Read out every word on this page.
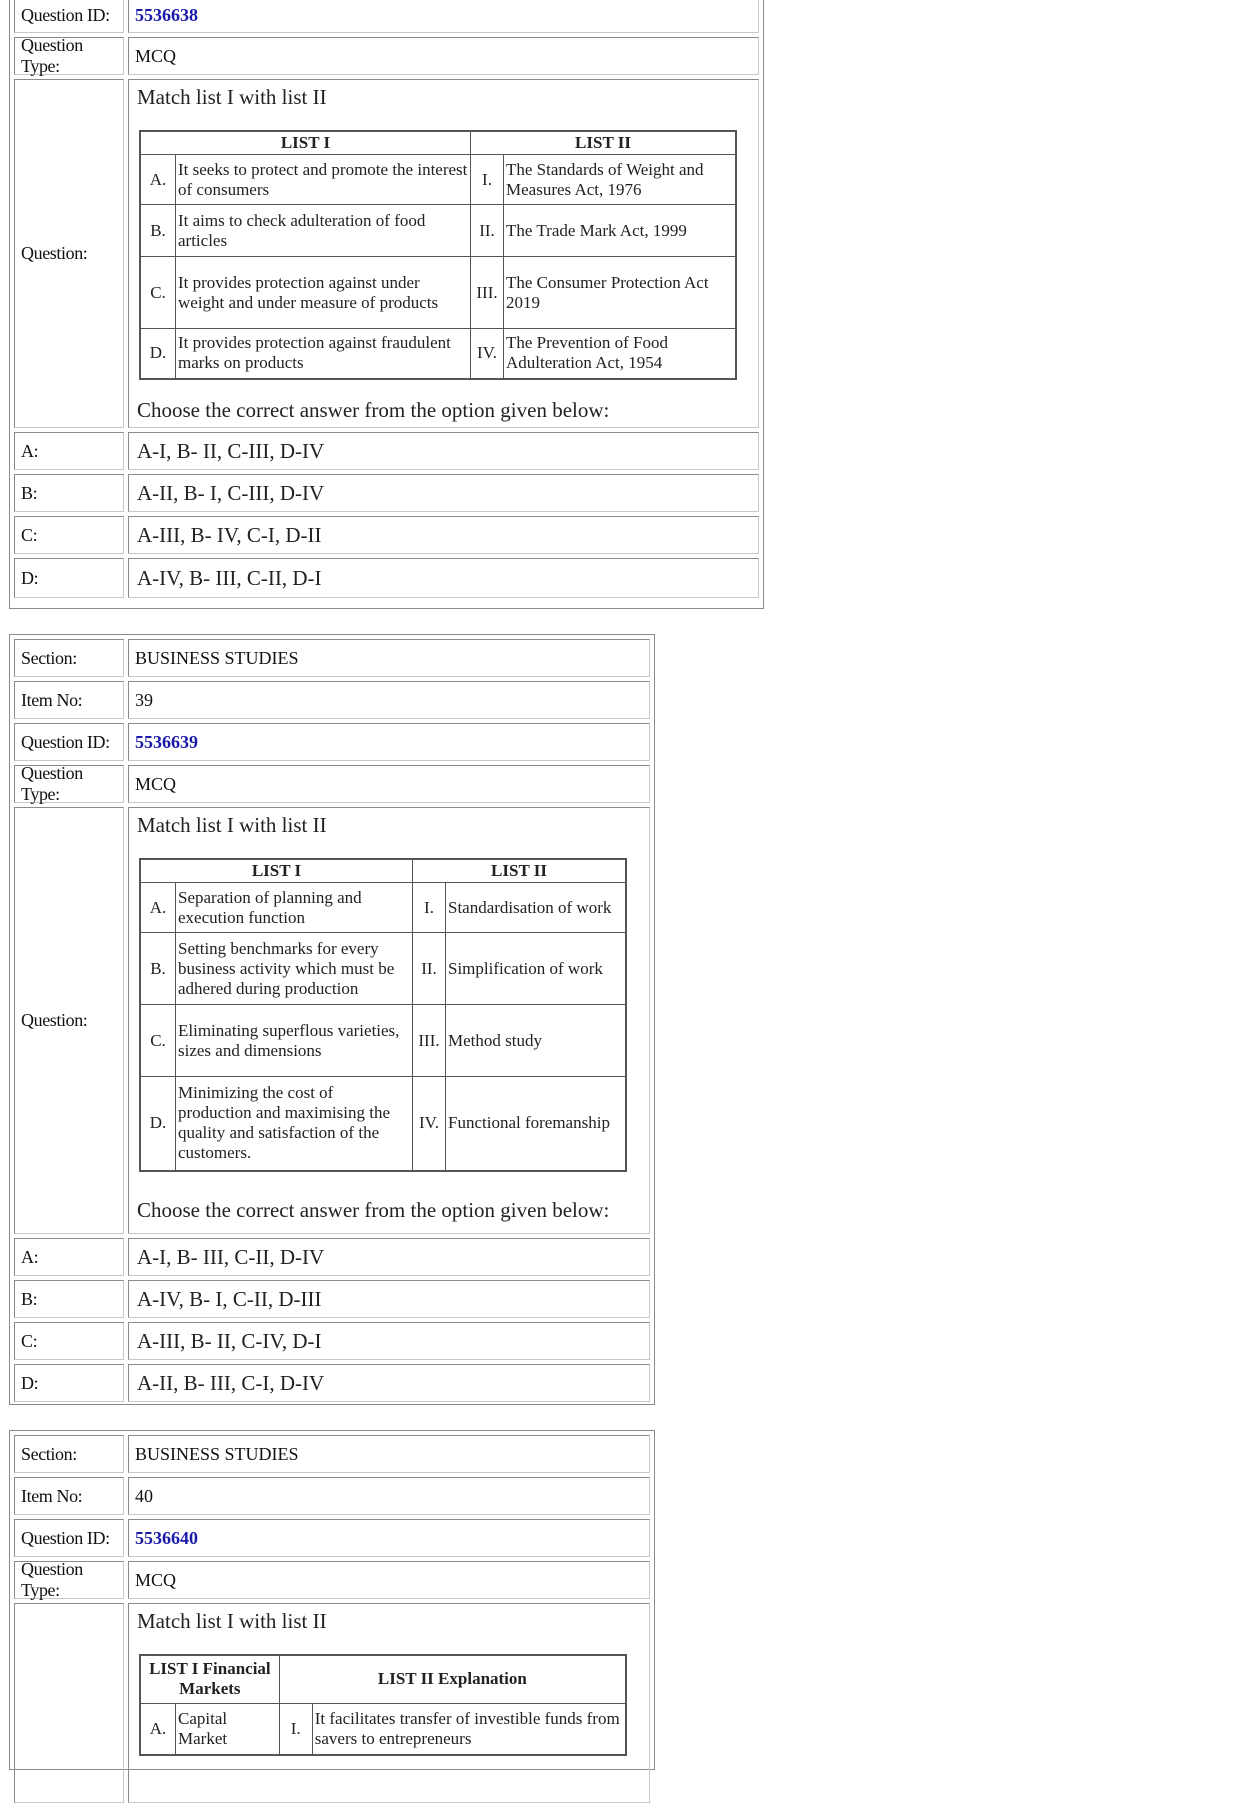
Question ID:	5536638
Question Type:
MCQ
Question:
Match list I with list II
LIST I		LIST II	
A.	It seeks to protect and promote the interest of consumers	I.	The Standards of Weight and Measures Act, 1976
B.	It aims to check adulteration of food articles	II.	The Trade Mark Act, 1999
C.	It provides protection against under weight and under measure of products	III.	The Consumer Protection Act 2019
D.	It provides protection against fraudulent marks on products	IV.	The Prevention of Food Adulteration Act, 1954
Choose the correct answer from the option given below:
A:	A-I, B- II, C-III, D-IV
B:	A-II, B- I, C-III, D-IV
C:	A-III, B- IV, C-I, D-II
D:	A-IV, B- III, C-II, D-I
Section:	BUSINESS STUDIES
Item No:	39
Question ID:	5536639
Question Type:
MCQ
Question:
Match list I with list II
LIST I		LIST II	
A.	Separation of planning and execution function	I.	Standardisation of work
B.	Setting benchmarks for every business activity which must be adhered during production	II.	Simplification of work
C.	Eliminating superflous varieties, sizes and dimensions	III.	Method study
D.	Minimizing the cost of production and maximising the quality and satisfaction of the customers.	IV.	Functional foremanship
Choose the correct answer from the option given below:
A:	A-I, B- III, C-II, D-IV
B:	A-IV, B- I, C-II, D-III
C:	A-III, B- II, C-IV, D-I
D:	A-II, B- III, C-I, D-IV
Section:	BUSINESS STUDIES
Item No:	40
Question ID:	5536640
Question Type:
MCQ
Match list I with list II
LIST I Financial Markets		LIST II Explanation	
A.	Capital Market	I.	It facilitates transfer of investible funds from savers to entrepreneurs
